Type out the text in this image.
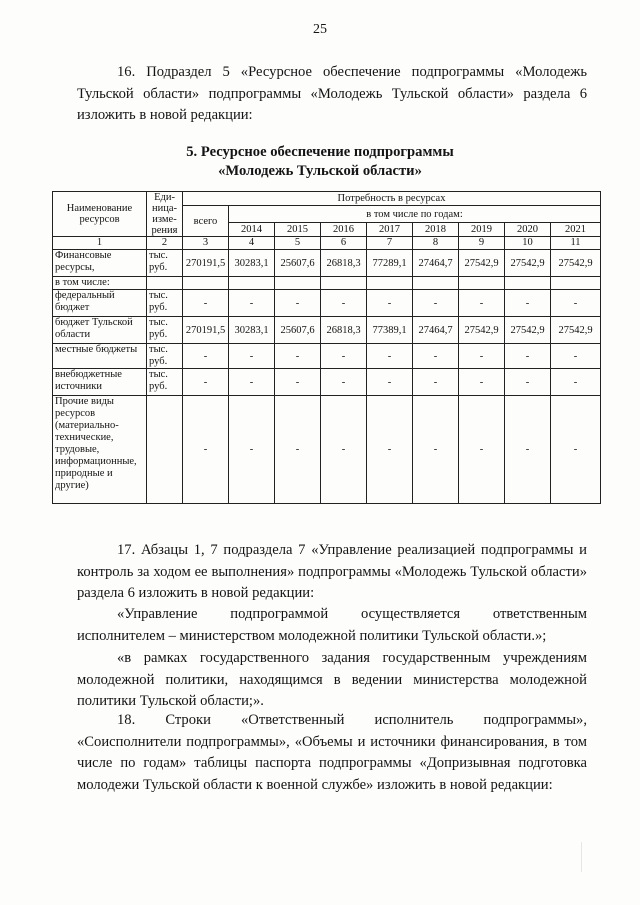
25

16. Подраздел 5 «Ресурсное обеспечение подпрограммы «Молодежь Тульской области» подпрограммы «Молодежь Тульской области» раздела 6 изложить в новой редакции:

5. Ресурсное обеспечение подпрограммы
«Молодежь Тульской области»
Наименование ресурсов	Еди-ница-изме-рения	Потребность в ресурсах								
		всего	в том числе по годам:							
			2014	2015	2016	2017	2018	2019	2020	2021
1	2	3	4	5	6	7	8	9	10	11
Финансовые ресурсы,	тыс. руб.	270191,5	30283,1	25607,6	26818,3	77289,1	27464,7	27542,9	27542,9	27542,9
в том числе:										
федеральный бюджет	тыс. руб.	-	-	-	-	-	-	-	-	-
бюджет Тульской области	тыс. руб.	270191,5	30283,1	25607,6	26818,3	77389,1	27464,7	27542,9	27542,9	27542,9
местные бюджеты	тыс. руб.	-	-	-	-	-	-	-	-	-
внебюджетные источники	тыс. руб.	-	-	-	-	-	-	-	-	-
Прочие виды ресурсов (материально-технические, трудовые, информационные, природные и другие)		-	-	-	-	-	-	-	-	-

17. Абзацы 1, 7 подраздела 7 «Управление реализацией подпрограммы и контроль за ходом ее выполнения» подпрограммы «Молодежь Тульской области» раздела 6 изложить в новой редакции:

«Управление подпрограммой осуществляется ответственным исполнителем – министерством молодежной политики Тульской области.»;

«в рамках государственного задания государственным учреждениям молодежной политики, находящимся в ведении министерства молодежной политики Тульской области;».

18. Строки «Ответственный исполнитель подпрограммы», «Соисполнители подпрограммы», «Объемы и источники финансирования, в том числе по годам» таблицы паспорта подпрограммы «Допризывная подготовка молодежи Тульской области к военной службе» изложить в новой редакции:
